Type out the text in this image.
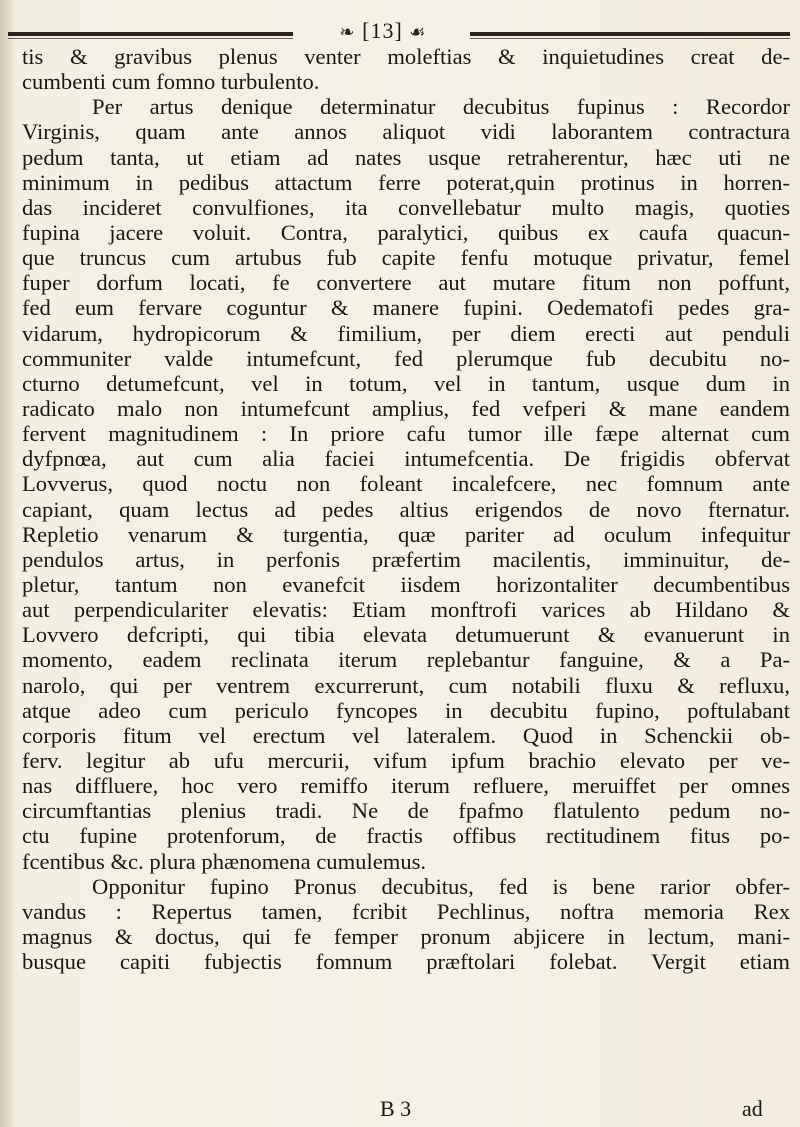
❧ [13] ☙
tis & gravibus plenus venter moleftias & inquietudines creat de-
cumbenti cum fomno turbulento.
Per artus denique determinatur decubitus fupinus : Recordor
Virginis, quam ante annos aliquot vidi laborantem contractura
pedum tanta, ut etiam ad nates usque retraherentur, hæc uti ne
minimum in pedibus attactum ferre poterat,quin protinus in horren-
das incideret convulfiones, ita convellebatur multo magis, quoties
fupina jacere voluit. Contra, paralytici, quibus ex caufa quacun-
que truncus cum artubus fub capite fenfu motuque privatur, femel
fuper dorfum locati, fe convertere aut mutare fitum non poffunt,
fed eum fervare coguntur & manere fupini. Oedematofi pedes gra-
vidarum, hydropicorum & fimilium, per diem erecti aut penduli
communiter valde intumefcunt, fed plerumque fub decubitu no-
cturno detumefcunt, vel in totum, vel in tantum, usque dum in
radicato malo non intumefcunt amplius, fed vefperi & mane eandem
fervent magnitudinem : In priore cafu tumor ille fæpe alternat cum
dyfpnœa, aut cum alia faciei intumefcentia. De frigidis obfervat
Lovverus, quod noctu non foleant incalefcere, nec fomnum ante
capiant, quam lectus ad pedes altius erigendos de novo fternatur.
Repletio venarum & turgentia, quæ pariter ad oculum infequitur
pendulos artus, in perfonis præfertim macilentis, imminuitur, de-
pletur, tantum non evanefcit iisdem horizontaliter decumbentibus
aut perpendiculariter elevatis: Etiam monftrofi varices ab Hildano &
Lovvero defcripti, qui tibia elevata detumuerunt & evanuerunt in
momento, eadem reclinata iterum replebantur fanguine, & a Pa-
narolo, qui per ventrem excurrerunt, cum notabili fluxu & refluxu,
atque adeo cum periculo fyncopes in decubitu fupino, poftulabant
corporis fitum vel erectum vel lateralem. Quod in Schenckii ob-
ferv. legitur ab ufu mercurii, vifum ipfum brachio elevato per ve-
nas diffluere, hoc vero remiffo iterum refluere, meruiffet per omnes
circumftantias plenius tradi. Ne de fpafmo flatulento pedum no-
ctu fupine protenforum, de fractis offibus rectitudinem fitus po-
fcentibus &c. plura phænomena cumulemus.
Opponitur fupino Pronus decubitus, fed is bene rarior obfer-
vandus : Repertus tamen, fcribit Pechlinus, noftra memoria Rex
magnus & doctus, qui fe femper pronum abjicere in lectum, mani-
busque capiti fubjectis fomnum præftolari folebat. Vergit etiam
B 3	ad
